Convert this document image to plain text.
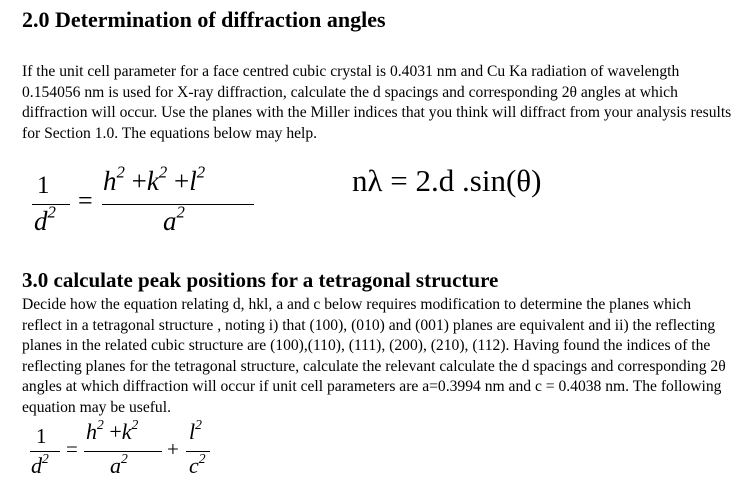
2.0 Determination of diffraction angles

If the unit cell parameter for a face centred cubic crystal is 0.4031 nm and Cu Ka radiation of wavelength 0.154056 nm is used for X-ray diffraction, calculate the d spacings and corresponding 2θ angles at which diffraction will occur. Use the planes with the Miller indices that you think will diffract from your analysis results for Section 1.0. The equations below may help.

1
$d^2$ =
$h^2 +k^2 +l^2$
$a^2$
nλ = 2.d .sin(θ)
3.0 calculate peak positions for a tetragonal structure

Decide how the equation relating d, hkl, a and c below requires modification to determine the planes which reflect in a tetragonal structure , noting i) that (100), (010) and (001) planes are equivalent and ii) the reflecting planes in the related cubic structure are (100),(110), (111), (200), (210), (112). Having found the indices of the reflecting planes for the tetragonal structure, calculate the relevant calculate the d spacings and corresponding 2θ angles at which diffraction will occur if unit cell parameters are a=0.3994 nm and c = 0.4038 nm. The following equation may be useful.

1
$d^2$ =
$h^2 +k^2$
$a^2$ +
$l^2$
$c^2$
